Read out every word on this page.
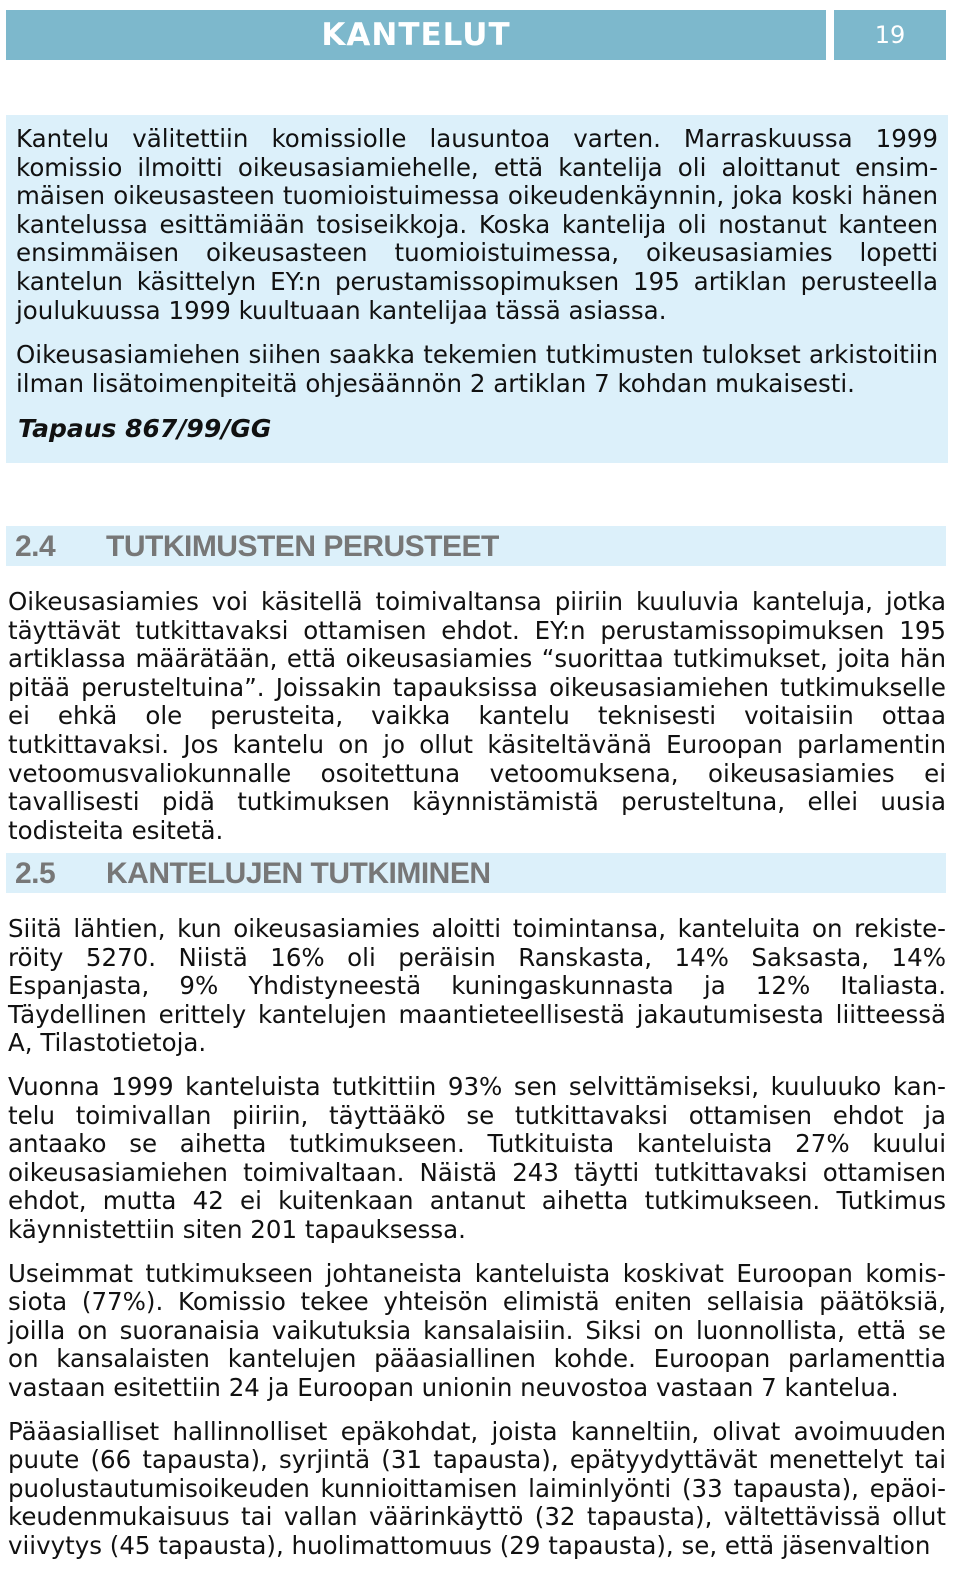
KANTELUT	19

Kantelu välitettiin komissiolle lausuntoa varten. Marraskuussa 1999 komissio ilmoitti oikeusasiamiehelle, että kantelija oli aloittanut ensimmäisen oikeusasteen tuomioistuimessa oikeudenkäynnin, joka koski hänen kantelussa esittämiään tosiseikkoja. Koska kantelija oli nostanut kanteen ensimmäisen oikeusasteen tuomioistuimessa, oikeusasiamies lopetti kantelun käsittelyn EY:n perustamissopimuksen 195 artiklan perusteella joulukuussa 1999 kuultuaan kantelijaa tässä asiassa.

Oikeusasiamiehen siihen saakka tekemien tutkimusten tulokset arkistoitiin ilman lisätoimenpiteitä ohjesäännön 2 artiklan 7 kohdan mukaisesti.

Tapaus 867/99/GG
2.4 TUTKIMUSTEN PERUSTEET

Oikeusasiamies voi käsitellä toimivaltansa piiriin kuuluvia kanteluja, jotka täyttävät tutkittavaksi ottamisen ehdot. EY:n perustamissopimuksen 195 artiklassa määrätään, että oikeusasiamies “suorittaa tutkimukset, joita hän pitää perusteltuina”. Joissakin tapauksissa oikeusasiamiehen tutkimukselle ei ehkä ole perusteita, vaikka kantelu teknisesti voitaisiin ottaa tutkittavaksi. Jos kantelu on jo ollut käsiteltävänä Euroopan parlamentin vetoomusvaliokunnalle osoitettuna vetoomuksena, oikeusasiamies ei tavallisesti pidä tutkimuksen käynnistämistä perusteltuna, ellei uusia todisteita esitetä.

2.5 KANTELUJEN TUTKIMINEN

Siitä lähtien, kun oikeusasiamies aloitti toimintansa, kanteluita on rekisteröity 5270. Niistä 16% oli peräisin Ranskasta, 14% Saksasta, 14% Espanjasta, 9% Yhdistyneestä kuningaskunnasta ja 12% Italiasta. Täydellinen erittely kantelujen maantieteellisestä jakautumisesta liitteessä A, Tilastotietoja.

Vuonna 1999 kanteluista tutkittiin 93% sen selvittämiseksi, kuuluuko kantelu toimivallan piiriin, täyttääkö se tutkittavaksi ottamisen ehdot ja antaako se aihetta tutkimukseen. Tutkituista kanteluista 27% kuului oikeusasiamiehen toimivaltaan. Näistä 243 täytti tutkittavaksi ottamisen ehdot, mutta 42 ei kuitenkaan antanut aihetta tutkimukseen. Tutkimus käynnistettiin siten 201 tapauksessa.

Useimmat tutkimukseen johtaneista kanteluista koskivat Euroopan komissiota (77%). Komissio tekee yhteisön elimistä eniten sellaisia päätöksiä, joilla on suoranaisia vaikutuksia kansalaisiin. Siksi on luonnollista, että se on kansalaisten kantelujen pääasiallinen kohde. Euroopan parlamenttia vastaan esitettiin 24 ja Euroopan unionin neuvostoa vastaan 7 kantelua.

Pääasialliset hallinnolliset epäkohdat, joista kanneltiin, olivat avoimuuden puute (66 tapausta), syrjintä (31 tapausta), epätyydyttävät menettelyt tai puolustautumisoikeuden kunnioittamisen laiminlyönti (33 tapausta), epäoikeudenmukaisuus tai vallan väärinkäyttö (32 tapausta), vältettävissä ollut viivytys (45 tapausta), huolimattomuus (29 tapausta), se, että jäsenvaltion
